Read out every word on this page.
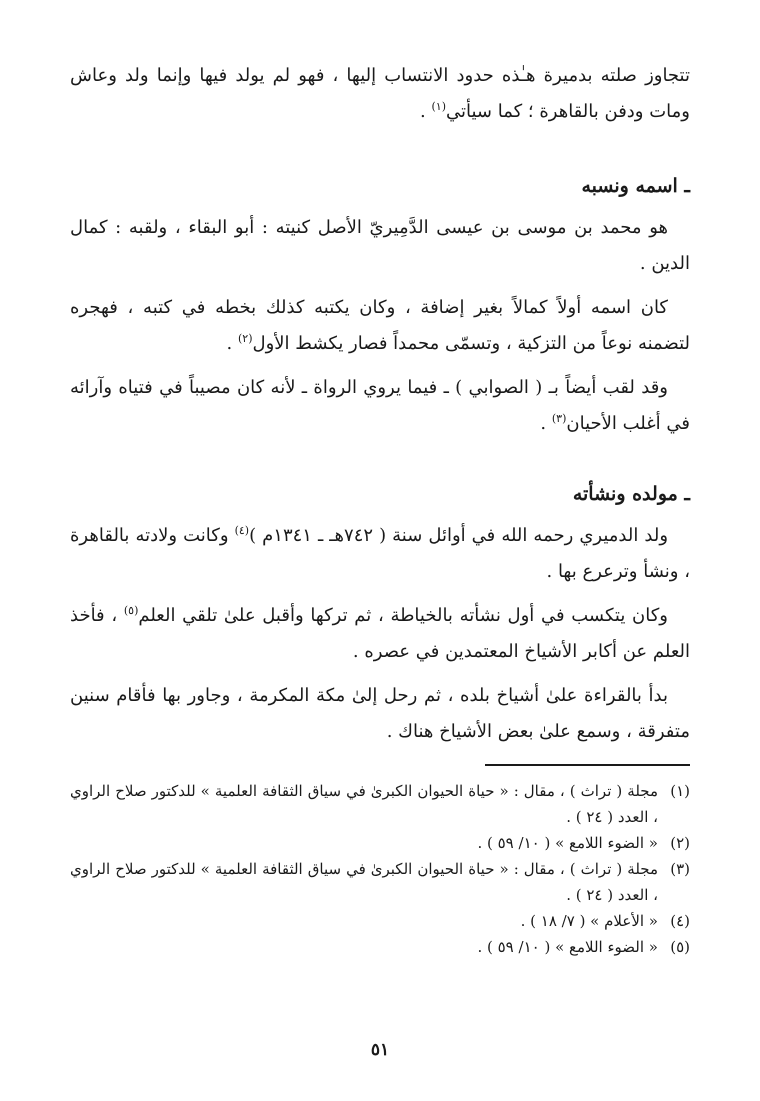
تتجاوز صلته بدميرة هـٰذه حدود الانتساب إليها ، فهو لم يولد فيها وإنما ولد وعاش ومات ودفن بالقاهرة ؛ كما سيأتي$^{(١)}$ .

ـ اسمه ونسبه

هو محمد بن موسى بن عيسى الدَّمِيريّ الأصل كنيته : أبو البقاء ، ولقبه : كمال الدين .

كان اسمه أولاً كمالاً بغير إضافة ، وكان يكتبه كذلك بخطه في كتبه ، فهجره لتضمنه نوعاً من التزكية ، وتسمّى محمداً فصار يكشط الأول$^{(٢)}$ .

وقد لقب أيضاً بـ ( الصوابي ) ـ فيما يروي الرواة ـ لأنه كان مصيباً في فتياه وآرائه في أغلب الأحيان$^{(٣)}$ .

ـ مولده ونشأته

ولد الدميري رحمه الله في أوائل سنة ( ٧٤٢هـ ـ ١٣٤١م )$^{(٤)}$ وكانت ولادته بالقاهرة ، ونشأ وترعرع بها .

وكان يتكسب في أول نشأته بالخياطة ، ثم تركها وأقبل علىٰ تلقي العلم$^{(٥)}$ ، فأخذ العلم عن أكابر الأشياخ المعتمدين في عصره .

بدأ بالقراءة علىٰ أشياخ بلده ، ثم رحل إلىٰ مكة المكرمة ، وجاور بها فأقام سنين متفرقة ، وسمع علىٰ بعض الأشياخ هناك .

(١)
مجلة ( تراث ) ، مقال : « حياة الحيوان الكبرىٰ في سياق الثقافة العلمية » للدكتور صلاح الراوي ، العدد ( ٢٤ ) .
(٢)
« الضوء اللامع » ( ١٠/ ٥٩ ) .
(٣)
مجلة ( تراث ) ، مقال : « حياة الحيوان الكبرىٰ في سياق الثقافة العلمية » للدكتور صلاح الراوي ، العدد ( ٢٤ ) .
(٤)
« الأعلام » ( ٧/ ١٨ ) .
(٥)
« الضوء اللامع » ( ١٠/ ٥٩ ) .
٥١
